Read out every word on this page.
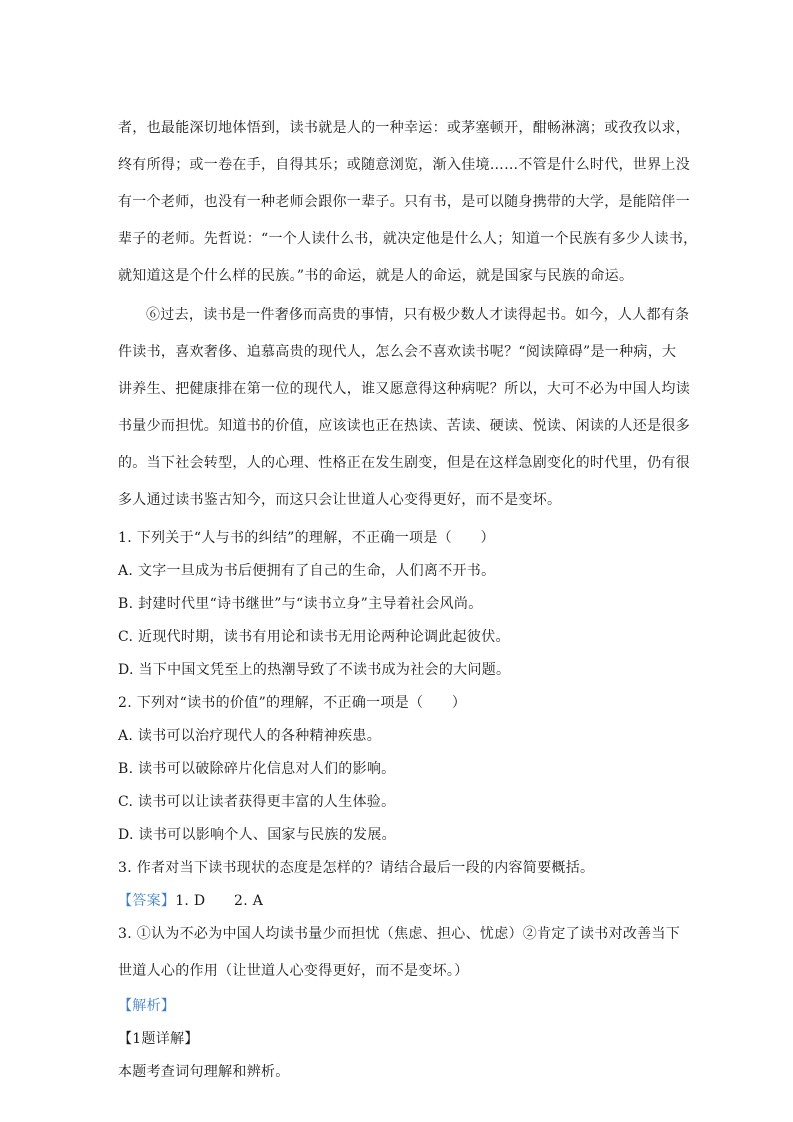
者，也最能深切地体悟到，读书就是人的一种幸运：或茅塞顿开，酣畅淋漓；或孜孜以求，
终有所得；或一卷在手，自得其乐；或随意浏览，渐入佳境……不管是什么时代，世界上没
有一个老师，也没有一种老师会跟你一辈子。只有书，是可以随身携带的大学，是能陪伴一
辈子的老师。先哲说：“一个人读什么书，就决定他是什么人；知道一个民族有多少人读书，
就知道这是个什么样的民族。”书的命运，就是人的命运，就是国家与民族的命运。
⑥过去，读书是一件奢侈而高贵的事情，只有极少数人才读得起书。如今，人人都有条
件读书，喜欢奢侈、追慕高贵的现代人，怎么会不喜欢读书呢？“阅读障碍”是一种病，大
讲养生、把健康排在第一位的现代人，谁又愿意得这种病呢？所以，大可不必为中国人均读
书量少而担忧。知道书的价值，应该读也正在热读、苦读、硬读、悦读、闲读的人还是很多
的。当下社会转型，人的心理、性格正在发生剧变，但是在这样急剧变化的时代里，仍有很
多人通过读书鉴古知今，而这只会让世道人心变得更好，而不是变坏。
1. 下列关于“人与书的纠结”的理解，不正确一项是（　　）
A. 文字一旦成为书后便拥有了自己的生命，人们离不开书。
B. 封建时代里“诗书继世”与“读书立身”主导着社会风尚。
C. 近现代时期，读书有用论和读书无用论两种论调此起彼伏。
D. 当下中国文凭至上的热潮导致了不读书成为社会的大问题。
2. 下列对“读书的价值”的理解，不正确一项是（　　）
A. 读书可以治疗现代人的各种精神疾患。
B. 读书可以破除碎片化信息对人们的影响。
C. 读书可以让读者获得更丰富的人生体验。
D. 读书可以影响个人、国家与民族的发展。
3. 作者对当下读书现状的态度是怎样的？请结合最后一段的内容简要概括。
【答案】1. D　　2. A
3. ①认为不必为中国人均读书量少而担忧（焦虑、担心、忧虑）②肯定了读书对改善当下
世道人心的作用（让世道人心变得更好，而不是变坏。）
【解析】
【1题详解】
本题考查词句理解和辨析。
